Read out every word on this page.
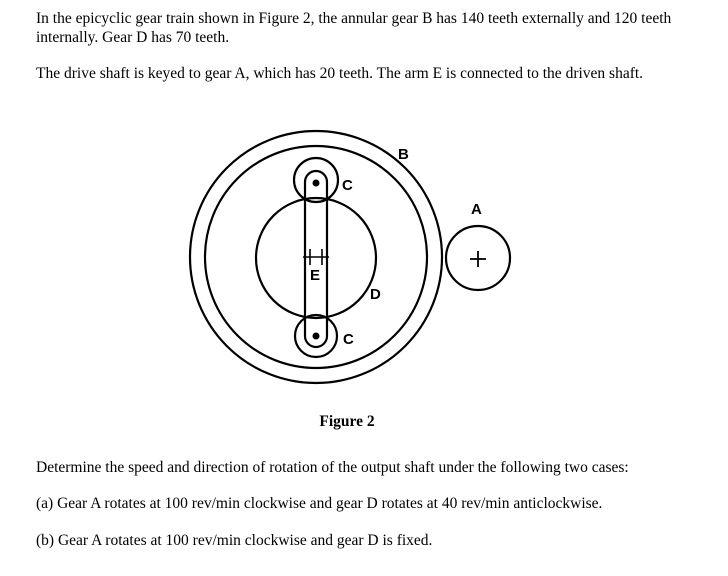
In the epicyclic gear train shown in Figure 2, the annular gear B has 140 teeth externally and 120 teeth internally. Gear D has 70 teeth.

The drive shaft is keyed to gear A, which has 20 teeth. The arm E is connected to the driven shaft.

B
A
C
C
D
E
Figure 2

Determine the speed and direction of rotation of the output shaft under the following two cases:

(a) Gear A rotates at 100 rev/min clockwise and gear D rotates at 40 rev/min anticlockwise.

(b) Gear A rotates at 100 rev/min clockwise and gear D is fixed.
